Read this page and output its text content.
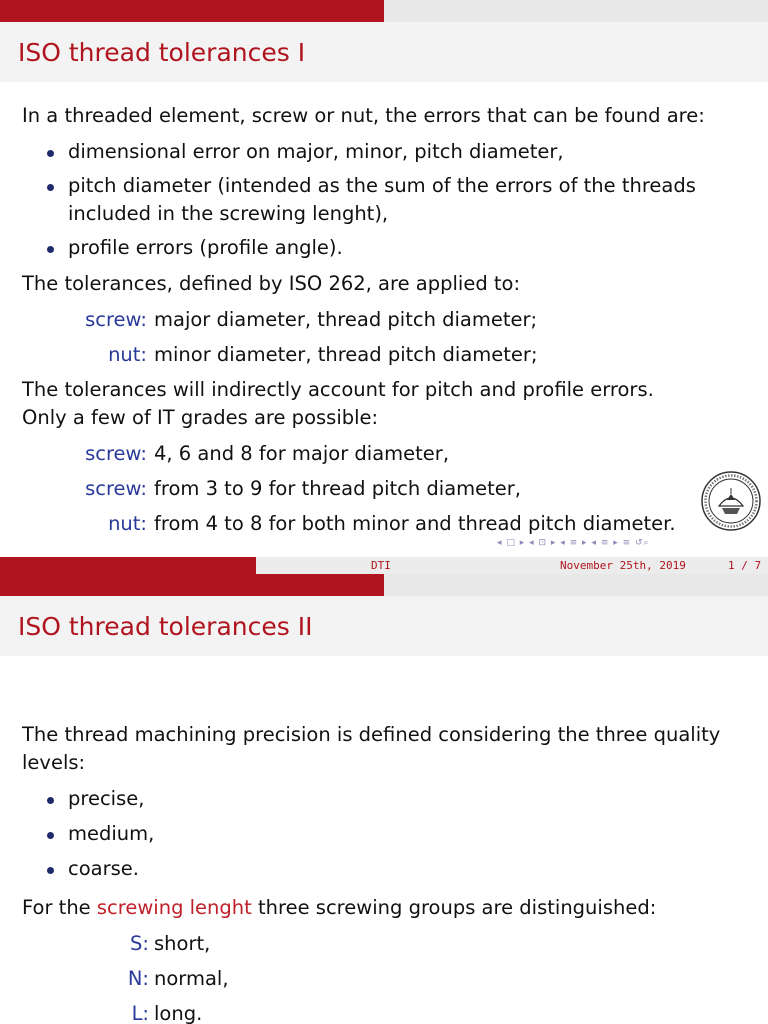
ISO thread tolerances I
In a threaded element, screw or nut, the errors that can be found are:
dimensional error on major, minor, pitch diameter,
pitch diameter (intended as the sum of the errors of the threads
included in the screwing lenght),
profile errors (profile angle).
The tolerances, defined by ISO 262, are applied to:
screw: major diameter, thread pitch diameter;
nut: minor diameter, thread pitch diameter;
The tolerances will indirectly account for pitch and profile errors.
Only a few of IT grades are possible:
screw: 4, 6 and 8 for major diameter,
screw: from 3 to 9 for thread pitch diameter,
nut: from 4 to 8 for both minor and thread pitch diameter.
◂ □ ▸ ◂ ⊡ ▸ ◂ ≡ ▸ ◂ ≡ ▸ ≡ ↺⌕
DTI	November 25th, 2019	1 / 7
ISO thread tolerances II
The thread machining precision is defined considering the three quality
levels:
precise,
medium,
coarse.
For the screwing lenght three screwing groups are distinguished:
S: short,
N: normal,
L: long.
